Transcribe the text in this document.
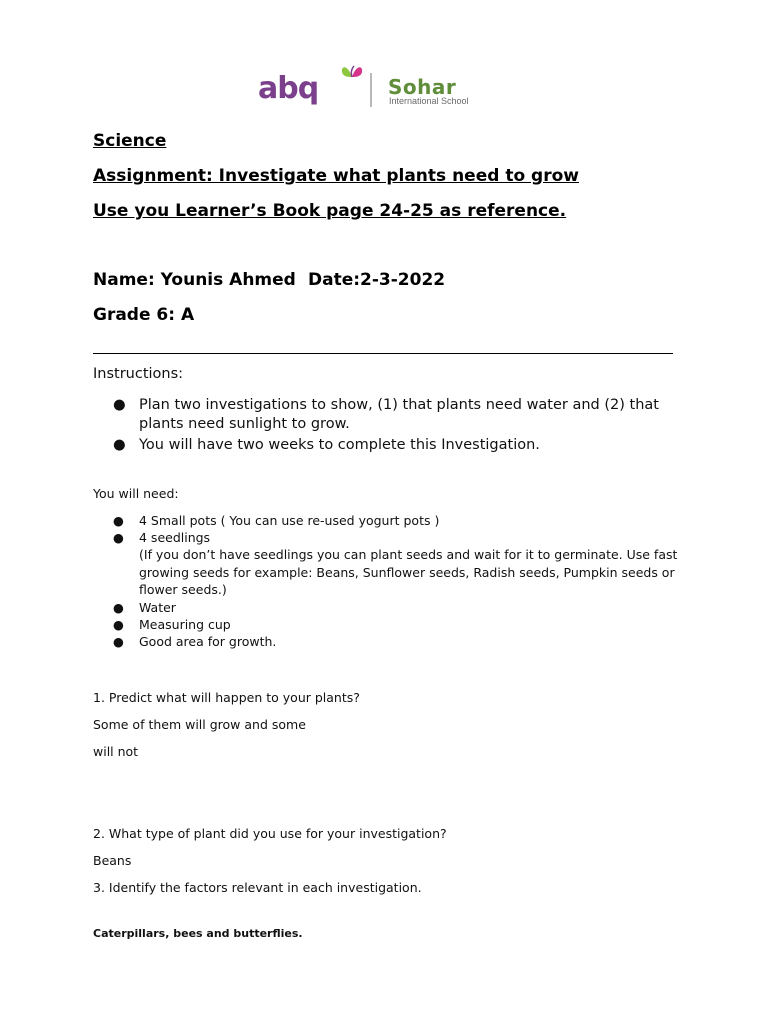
abq	Sohar
International School
Science
Assignment: Investigate what plants need to grow
Use you Learner’s Book page 24-25 as reference.
Name: Younis Ahmed Date:2-3-2022
Grade 6: A
Instructions:
● Plan two investigations to show, (1) that plants need water and (2) that
plants need sunlight to grow.
● You will have two weeks to complete this Investigation.
You will need:
● 4 Small pots ( You can use re-used yogurt pots )
● 4 seedlings
(If you don’t have seedlings you can plant seeds and wait for it to germinate. Use fast
growing seeds for example: Beans, Sunflower seeds, Radish seeds, Pumpkin seeds or
flower seeds.)
● Water
● Measuring cup
● Good area for growth.
1. Predict what will happen to your plants?
Some of them will grow and some
will not
2. What type of plant did you use for your investigation?
Beans
3. Identify the factors relevant in each investigation.
Caterpillars, bees and butterflies.
